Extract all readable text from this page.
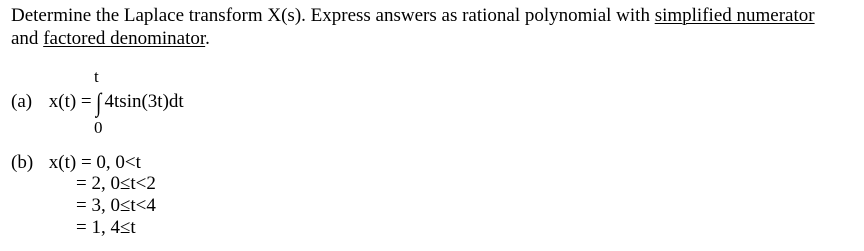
Determine the Laplace transform X(s). Express answers as rational polynomial with simplified numerator
and factored denominator.
t
(a) x(t) = ∫ 4tsin(3t)dt
0
(b) x(t) = 0, 0<t
= 2, 0≤t<2
= 3, 0≤t<4
= 1, 4≤t
